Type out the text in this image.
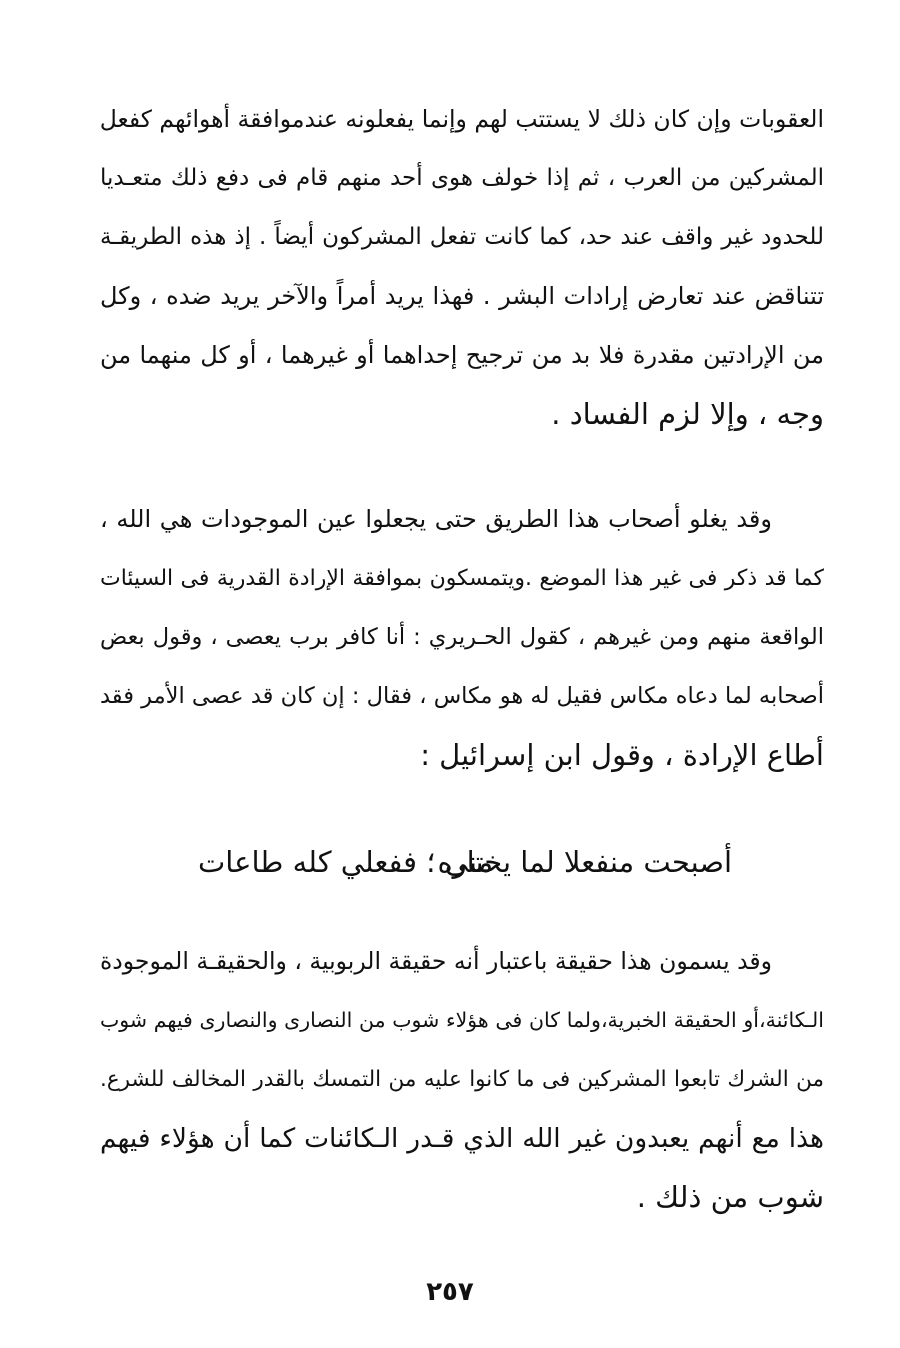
العقوبات وإن كان ذلك لا يستتب لهم وإنما يفعلونه عندموافقة أهوائهم كفعل
المشركين من العرب ، ثم إذا خولف هوى أحد منهم قام فى دفع ذلك متعـديا
للحدود غير واقف عند حد، كما كانت تفعل المشركون أيضاً . إذ هذه الطريقـة
تتناقض عند تعارض إرادات البشر . فهذا يريد أمراً والآخر يريد ضده ، وكل
من الإرادتين مقدرة فلا بد من ترجيح إحداهما أو غيرهما ، أو كل منهما من
وجه ، وإلا لزم الفساد .
وقد يغلو أصحاب هذا الطريق حتى يجعلوا عين الموجودات هي الله ،
كما قد ذكر فى غير هذا الموضع .ويتمسكون بموافقة الإرادة القدرية فى السيئات
الواقعة منهم ومن غيرهم ، كقول الحـريري : أنا كافر برب يعصى ، وقول بعض
أصحابه لما دعاه مكاس فقيل له هو مكاس ، فقال : إن كان قد عصى الأمر فقد
أطاع الإرادة ، وقول ابن إسرائيل :
أصبحت منفعلا لما يختاره
منى ؛ ففعلي كله طاعات
وقد يسمون هذا حقيقة باعتبار أنه حقيقة الربوبية ، والحقيقـة الموجودة
الـكائنة،أو الحقيقة الخبرية،ولما كان فى هؤلاء شوب من النصارى والنصارى فيهم شوب
من الشرك تابعوا المشركين فى ما كانوا عليه من التمسك بالقدر المخالف للشرع.
هذا مع أنهم يعبدون غير الله الذي قـدر الـكائنات كما أن هؤلاء فيهم
شوب من ذلك .
٢٥٧
